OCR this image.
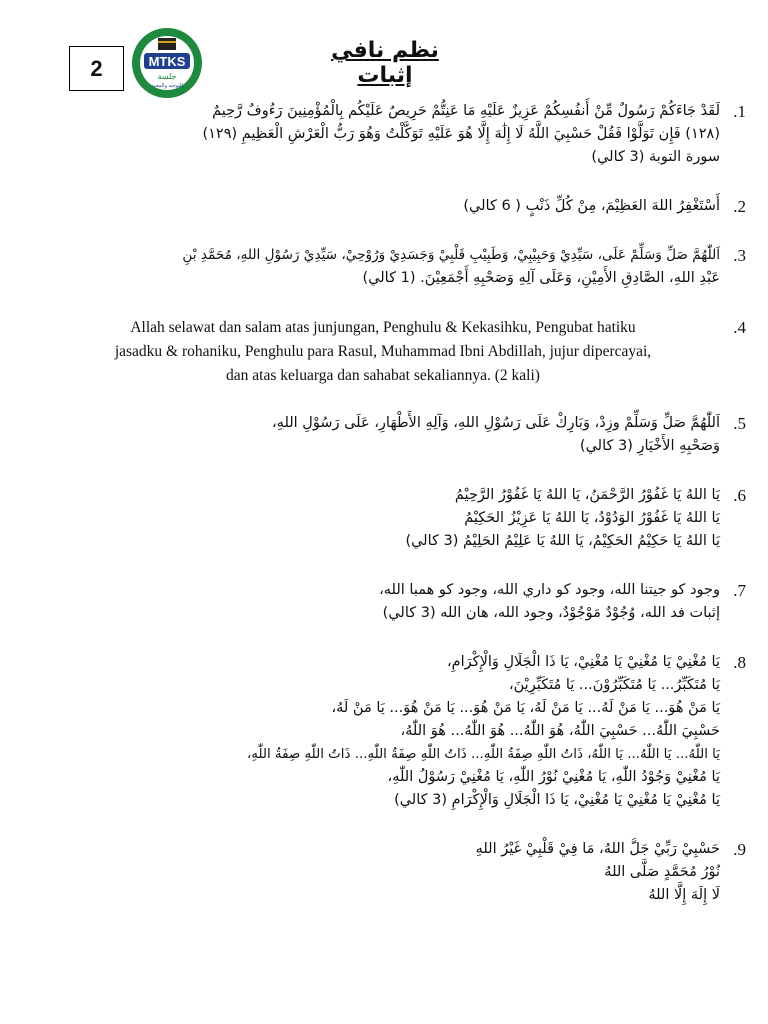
2	MTKS
جلسة
التوحيد والمحبة
نظم نافي إثبات
.1
لَقَدْ جَاءَكُمْ رَسُولٌ مِّنْ أَنفُسِكُمْ عَزِيزٌ عَلَيْهِ مَا عَنِتُّمْ حَرِيصٌ عَلَيْكُم بِالْمُؤْمِنِينَ رَءُوفٌ رَّحِيمٌ
(١٢٨) فَإِن تَوَلَّوْا فَقُلْ حَسْبِيَ اللَّهُ لَا إِلَٰهَ إِلَّا هُوَ عَلَيْهِ تَوَكَّلْتُ وَهُوَ رَبُّ الْعَرْشِ الْعَظِيمِ (١٢٩)
سورة التوبة (3 كالي)
.2
أَسْتَغْفِرُ اللهَ العَظِيْمَ، مِنْ كُلِّ ذَنْبٍ ( 6 كالي)
.3
اَللّٰهُمَّ صَلِّ وَسَلِّمْ عَلَى، سَيِّدِيْ وَحَبِيْبِيْ، وَطَبِيْبِ قَلْبِيْ وَجَسَدِيْ وَرُوْحِيْ، سَيِّدِيْ رَسُوْلِ اللهِ، مُحَمَّدِ بْنِ
عَبْدِ اللهِ، الصَّادِقِ الأَمِيْنِ، وَعَلَى آلِهِ وَصَحْبِهِ أَجْمَعِيْنَ. (1 كالي)
.4
Allah selawat dan salam atas junjungan, Penghulu & Kekasihku, Pengubat hatiku
jasadku & rohaniku, Penghulu para Rasul, Muhammad Ibni Abdillah, jujur dipercayai,
dan atas keluarga dan sahabat sekaliannya. (2 kali)
.5
اَللّٰهُمَّ صَلِّ وَسَلِّمْ وزِدْ، وَبَارِكْ عَلَى رَسُوْلِ اللهِ، وَآلِهِ الأَطْهَارِ، عَلَى رَسُوْلِ اللهِ،
وَصَحْبِهِ الأَخْيَارِ (3 كالي)
.6
يَا اللهُ يَا غَفُوْرُ الرَّحْمَنُ، يَا اللهُ يَا غَفُوْرُ الرَّحِيْمُ
يَا اللهُ يَا غَفُوْرُ الوَدُوْدُ، يَا اللهُ يَا عَزِيْزُ الحَكِيْمُ
يَا اللهُ يَا حَكِيْمُ الحَكِيْمُ، يَا اللهُ يَا عَلِيْمُ الحَلِيْمُ (3 كالي)
.7
وجود كو جيتنا الله، وجود كو داري الله، وجود كو همبا الله،
إثبات فد الله، وُجُوْدٌ مَوْجُوْدٌ، وجود الله، هان الله (3 كالي)
.8
يَا مُغْنِيْ يَا مُغْنِيْ يَا مُغْنِيْ، يَا ذَا الْجَلَالِ وَالْإِكْرَامِ،
يَا مُتَكَبِّرُ... يَا مُتَكَبِّرُوْنَ... يَا مُتَكَبِّرِيْنَ،
يَا مَنْ هُوَ... يَا مَنْ لَهُ... يَا مَنْ لَهُ، يَا مَنْ هُوَ... يَا مَنْ هُوَ... يَا مَنْ لَهُ،
حَسْبِيَ اللّٰهُ... حَسْبِيَ اللّٰهُ، هُوَ اللّٰهُ... هُوَ اللّٰهُ... هُوَ اللّٰهُ،
يَا اللّٰهُ... يَا اللّٰهُ... يَا اللّٰهُ، ذَاتُ اللّٰهِ صِفَةُ اللّٰهِ... ذَاتُ اللّٰهِ صِفَةُ اللّٰهِ... ذَاتُ اللّٰهِ صِفَةُ اللّٰهِ،
يَا مُغْنِيْ وَجُوْدُ اللّٰهِ، يَا مُغْنِيْ نُوْرُ اللّٰهِ، يَا مُغْنِيْ رَسُوْلُ اللّٰهِ،
يَا مُغْنِيْ يَا مُغْنِيْ يَا مُغْنِيْ، يَا ذَا الْجَلَالِ وَالْإِكْرَامِ (3 كالي)
.9
حَسْبِيْ رَبِّيْ جَلَّ اللهُ، مَا فِيْ قَلْبِيْ غَيْرُ اللهِ
نُوْرُ مُحَمَّدٍ صَلَّى اللهُ
لَا إِلَهَ إِلَّا اللهُ
